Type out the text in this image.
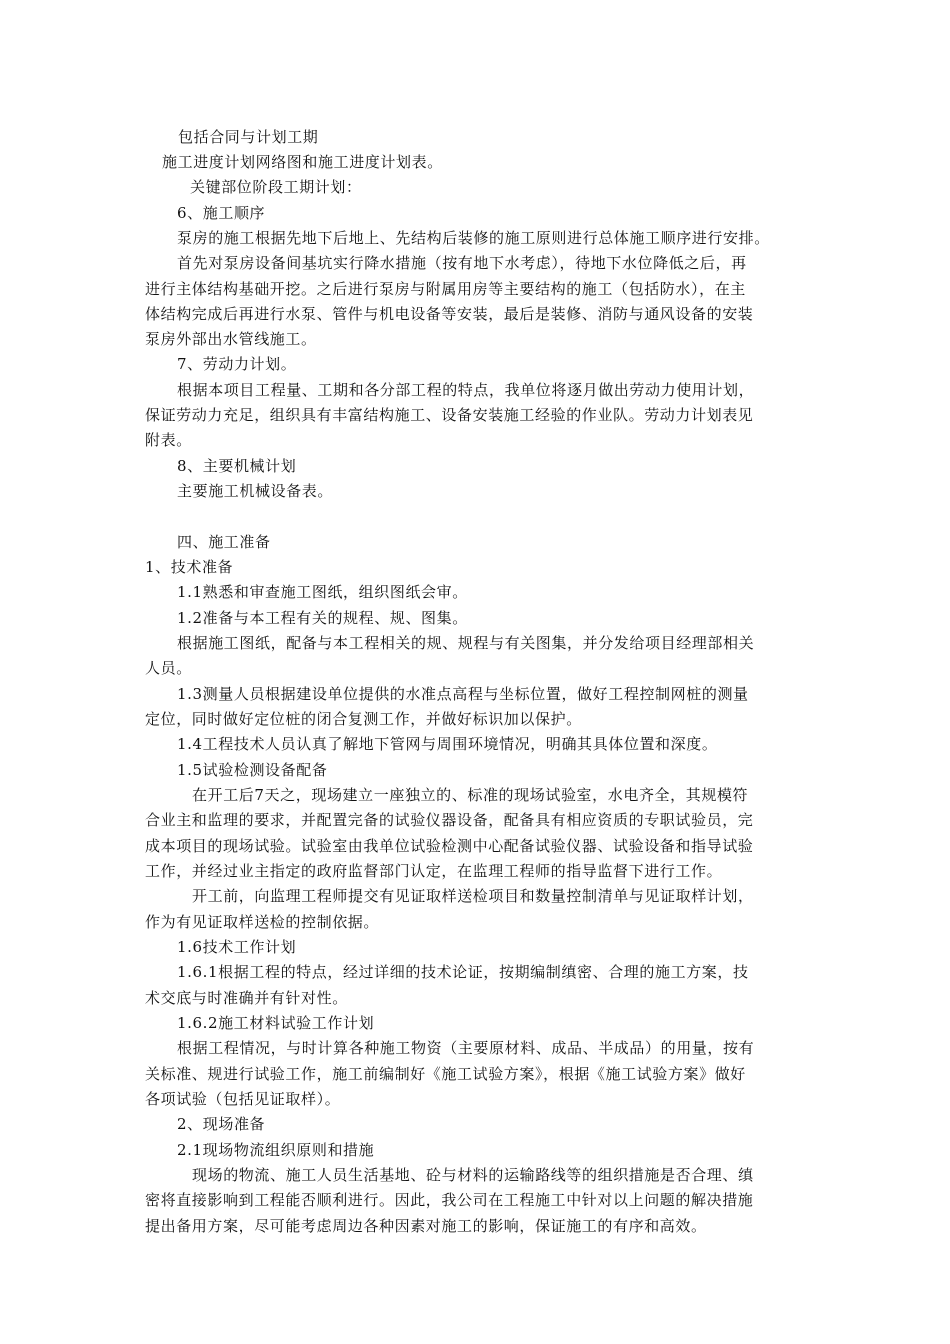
包括合同与计划工期
施工进度计划网络图和施工进度计划表。
关键部位阶段工期计划：
6、施工顺序
泵房的施工根据先地下后地上、先结构后装修的施工原则进行总体施工顺序进行安排。
首先对泵房设备间基坑实行降水措施（按有地下水考虑），待地下水位降低之后，再
进行主体结构基础开挖。之后进行泵房与附属用房等主要结构的施工（包括防水），在主
体结构完成后再进行水泵、管件与机电设备等安装，最后是装修、消防与通风设备的安装
泵房外部出水管线施工。
7、劳动力计划。
根据本项目工程量、工期和各分部工程的特点，我单位将逐月做出劳动力使用计划，
保证劳动力充足，组织具有丰富结构施工、设备安装施工经验的作业队。劳动力计划表见
附表。
8、主要机械计划
主要施工机械设备表。
四、施工准备
1、技术准备
1.1熟悉和审查施工图纸，组织图纸会审。
1.2准备与本工程有关的规程、规、图集。
根据施工图纸，配备与本工程相关的规、规程与有关图集，并分发给项目经理部相关
人员。
1.3测量人员根据建设单位提供的水准点高程与坐标位置，做好工程控制网桩的测量
定位，同时做好定位桩的闭合复测工作，并做好标识加以保护。
1.4工程技术人员认真了解地下管网与周围环境情况，明确其具体位置和深度。
1.5试验检测设备配备
在开工后7天之，现场建立一座独立的、标准的现场试验室，水电齐全，其规模符
合业主和监理的要求，并配置完备的试验仪器设备，配备具有相应资质的专职试验员，完
成本项目的现场试验。试验室由我单位试验检测中心配备试验仪器、试验设备和指导试验
工作，并经过业主指定的政府监督部门认定，在监理工程师的指导监督下进行工作。
开工前，向监理工程师提交有见证取样送检项目和数量控制清单与见证取样计划，
作为有见证取样送检的控制依据。
1.6技术工作计划
1.6.1根据工程的特点，经过详细的技术论证，按期编制缜密、合理的施工方案，技
术交底与时准确并有针对性。
1.6.2施工材料试验工作计划
根据工程情况，与时计算各种施工物资（主要原材料、成品、半成品）的用量，按有
关标准、规进行试验工作，施工前编制好《施工试验方案》，根据《施工试验方案》做好
各项试验（包括见证取样）。
2、现场准备
2.1现场物流组织原则和措施
现场的物流、施工人员生活基地、砼与材料的运输路线等的组织措施是否合理、缜
密将直接影响到工程能否顺利进行。因此，我公司在工程施工中针对以上问题的解决措施
提出备用方案，尽可能考虑周边各种因素对施工的影响，保证施工的有序和高效。
